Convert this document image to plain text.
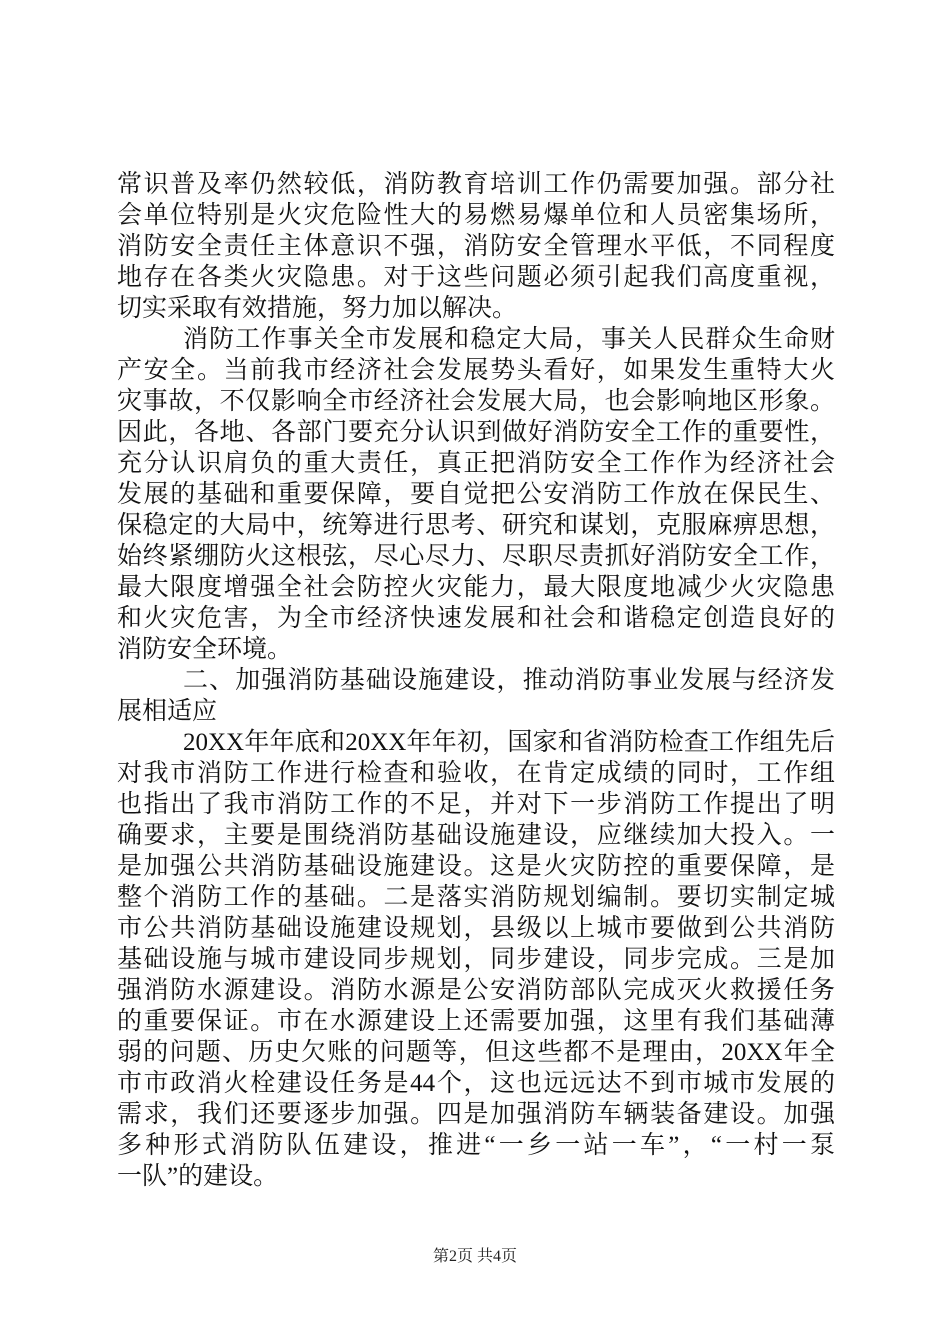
常识普及率仍然较低，消防教育培训工作仍需要加强。部分社
会单位特别是火灾危险性大的易燃易爆单位和人员密集场所，
消防安全责任主体意识不强，消防安全管理水平低，不同程度
地存在各类火灾隐患。对于这些问题必须引起我们高度重视，
切实采取有效措施，努力加以解决。
消防工作事关全市发展和稳定大局，事关人民群众生命财
产安全。当前我市经济社会发展势头看好，如果发生重特大火
灾事故，不仅影响全市经济社会发展大局，也会影响地区形象。
因此，各地、各部门要充分认识到做好消防安全工作的重要性，
充分认识肩负的重大责任，真正把消防安全工作作为经济社会
发展的基础和重要保障，要自觉把公安消防工作放在保民生、
保稳定的大局中，统筹进行思考、研究和谋划，克服麻痹思想，
始终紧绷防火这根弦，尽心尽力、尽职尽责抓好消防安全工作，
最大限度增强全社会防控火灾能力，最大限度地减少火灾隐患
和火灾危害，为全市经济快速发展和社会和谐稳定创造良好的
消防安全环境。
二、加强消防基础设施建设，推动消防事业发展与经济发
展相适应
20XX年年底和20XX年年初，国家和省消防检查工作组先后
对我市消防工作进行检查和验收，在肯定成绩的同时，工作组
也指出了我市消防工作的不足，并对下一步消防工作提出了明
确要求，主要是围绕消防基础设施建设，应继续加大投入。一
是加强公共消防基础设施建设。这是火灾防控的重要保障，是
整个消防工作的基础。二是落实消防规划编制。要切实制定城
市公共消防基础设施建设规划，县级以上城市要做到公共消防
基础设施与城市建设同步规划，同步建设，同步完成。三是加
强消防水源建设。消防水源是公安消防部队完成灭火救援任务
的重要保证。市在水源建设上还需要加强，这里有我们基础薄
弱的问题、历史欠账的问题等，但这些都不是理由，20XX年全
市市政消火栓建设任务是44个，这也远远达不到市城市发展的
需求，我们还要逐步加强。四是加强消防车辆装备建设。加强
多种形式消防队伍建设，推进“一乡一站一车”，“一村一泵
一队”的建设。
第2页 共4页
